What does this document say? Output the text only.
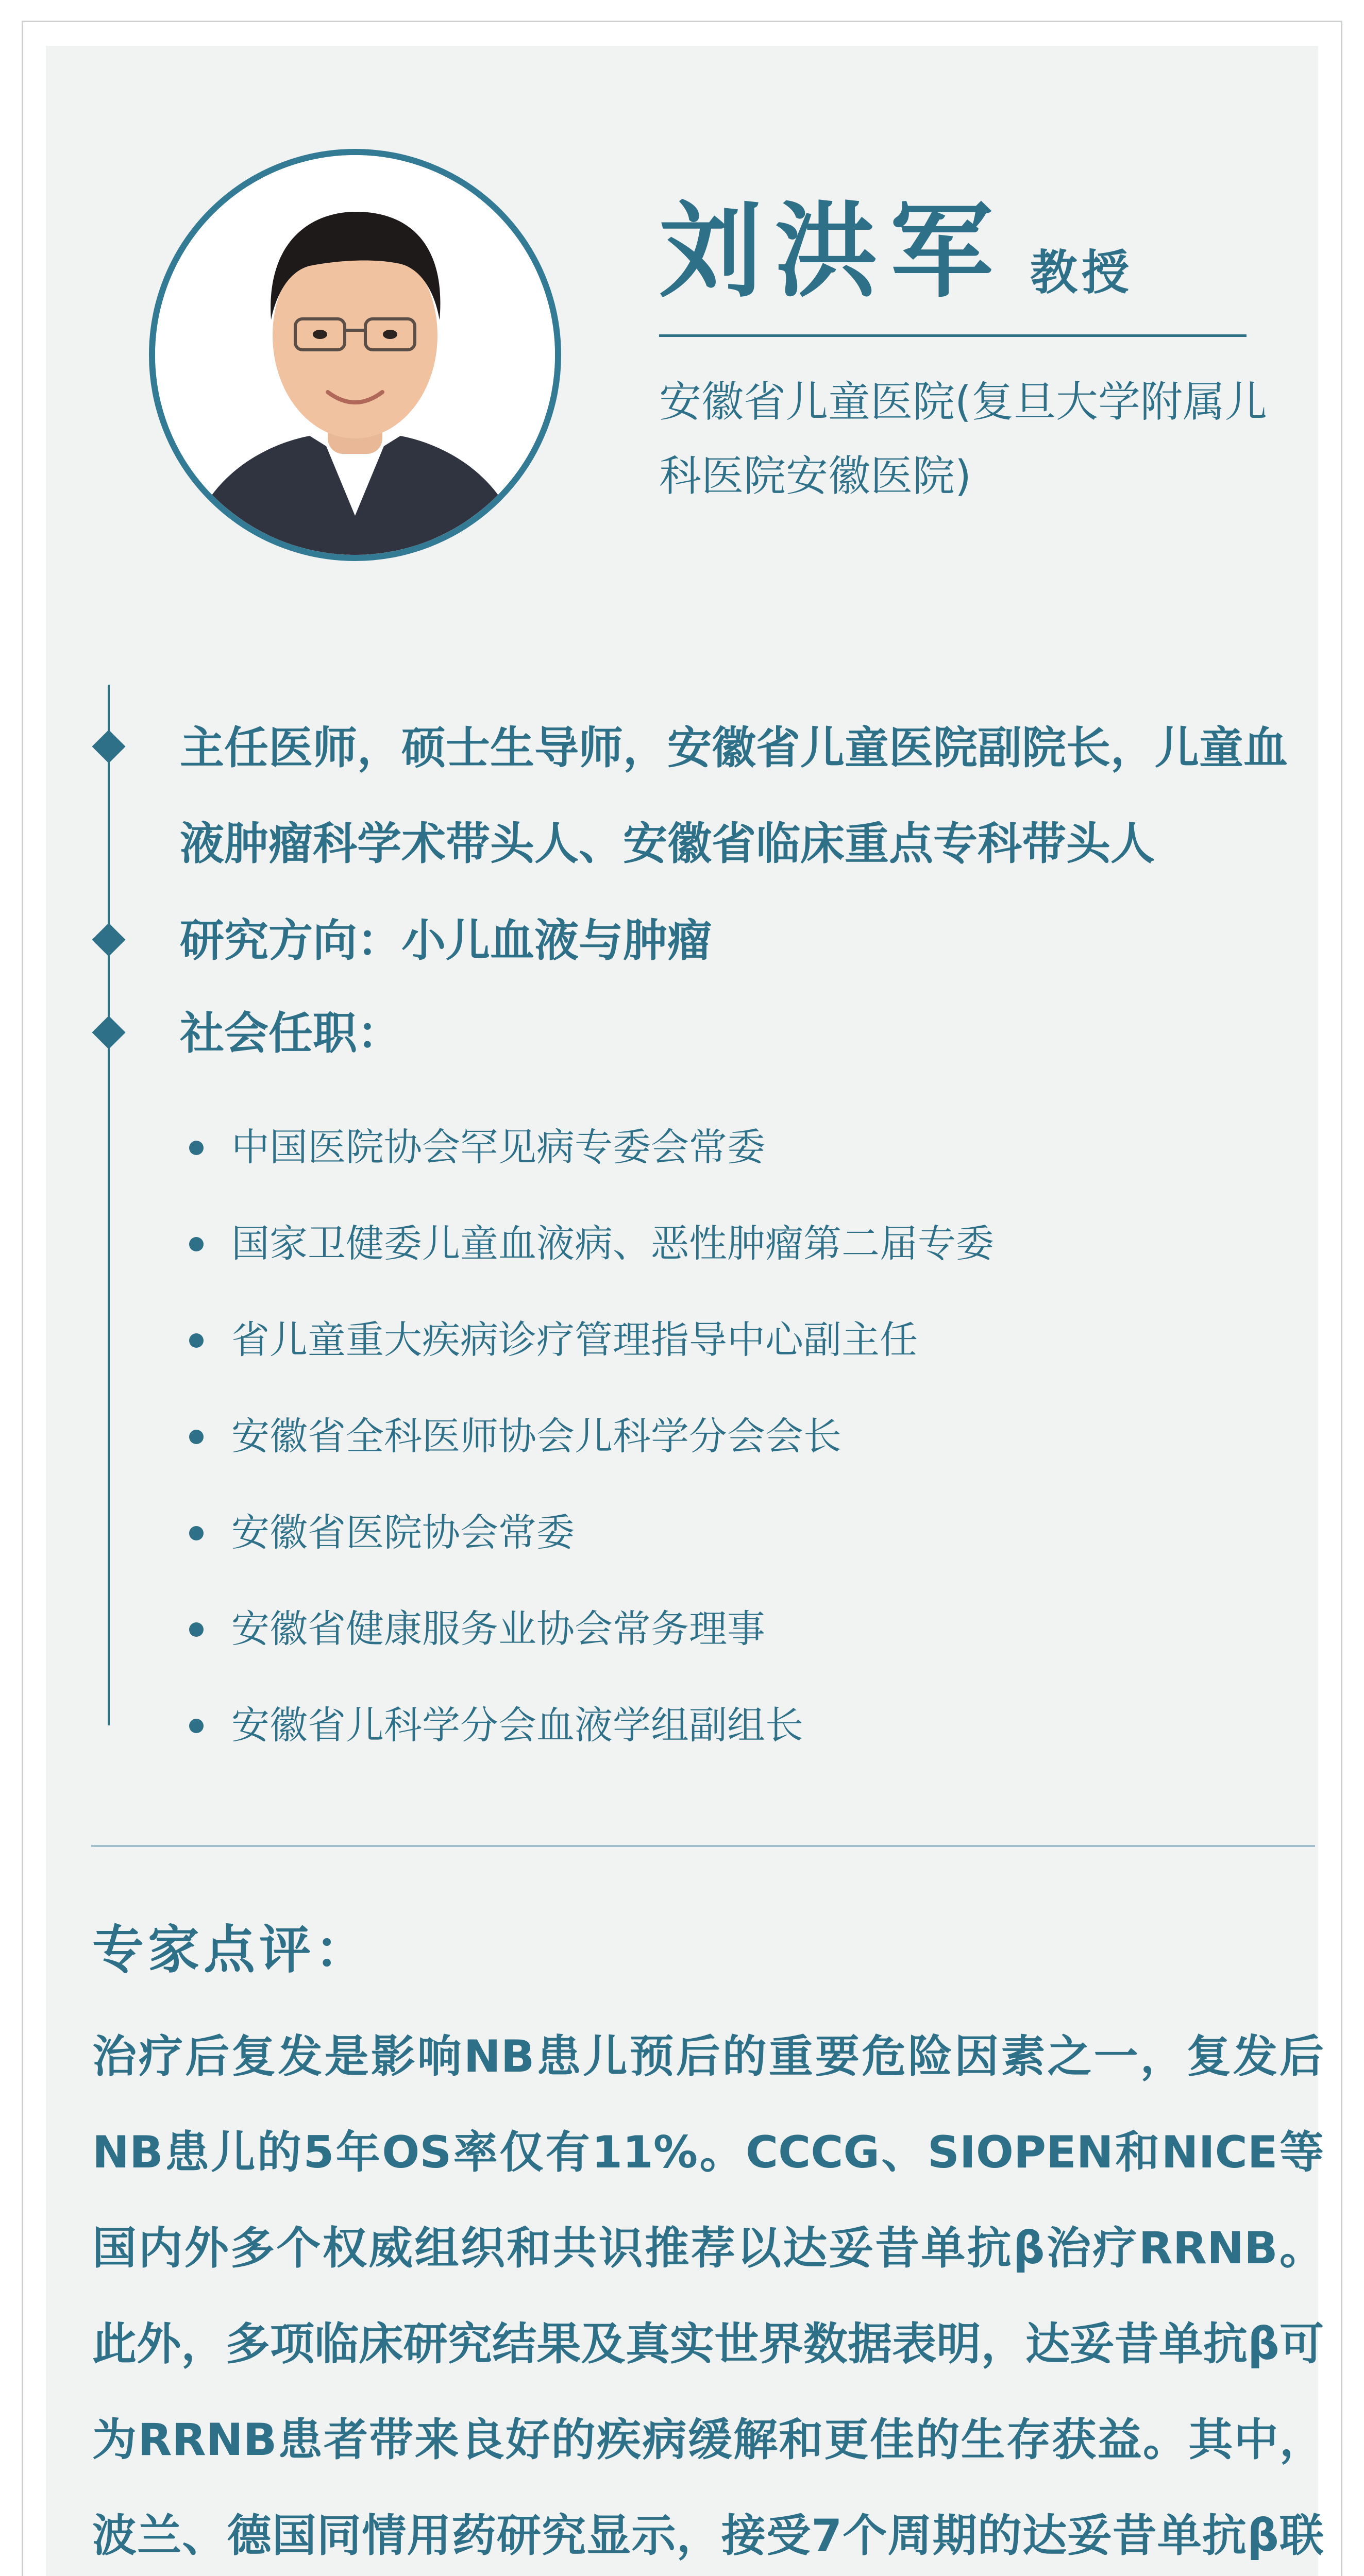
刘洪军 教授
安徽省儿童医院(复旦大学附属儿科医院安徽医院)
主任医师，硕士生导师，安徽省儿童医院副院长，儿童血液肿瘤科学术带头人、安徽省临床重点专科带头人
研究方向：小儿血液与肿瘤
社会任职：
中国医院协会罕见病专委会常委
国家卫健委儿童血液病、恶性肿瘤第二届专委
省儿童重大疾病诊疗管理指导中心副主任
安徽省全科医师协会儿科学分会会长
安徽省医院协会常委
安徽省健康服务业协会常务理事
安徽省儿科学分会血液学组副组长
专家点评：

治疗后复发是影响NB患儿预后的重要危险因素之一，复发后NB患儿的5年OS率仅有11%。CCCG、SIOPEN和NICE等国内外多个权威组织和共识推荐以达妥昔单抗β治疗RRNB。此外，多项临床研究结果及真实世界数据表明，达妥昔单抗β可为RRNB患者带来良好的疾病缓解和更佳的生存获益。其中，波兰、德国同情用药研究显示，接受7个周期的达妥昔单抗β联
